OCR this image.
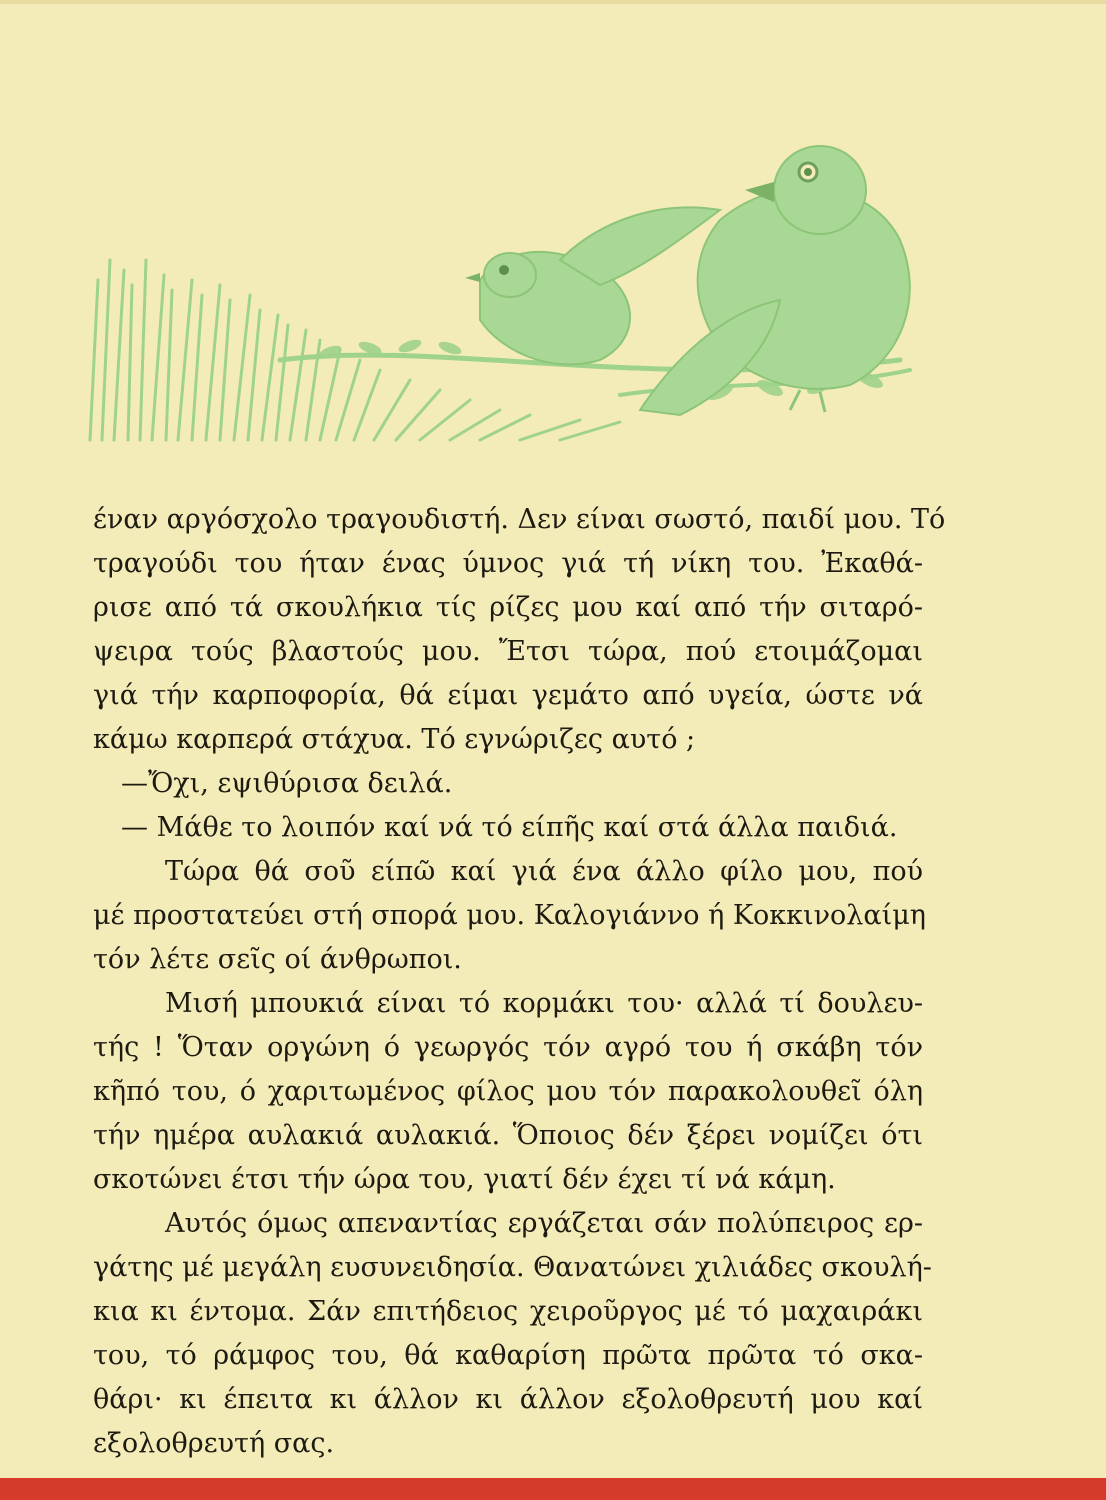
έναν αργόσχολο τραγουδιστή. Δεν είναι σωστό, παιδί μου. Τό
τραγούδι του ήταν ένας ύμνος γιά τή νίκη του. Ἐκαθά-
ρισε από τά σκουλήκια τίς ρίζες μου καί από τήν σιταρό-
ψειρα τούς βλαστούς μου. Ἔτσι τώρα, πού ετοιμάζομαι
γιά τήν καρποφορία, θά είμαι γεμάτο από υγεία, ώστε νά
κάμω καρπερά στάχυα. Τό εγνώριζες αυτό ;
—Ὄχι, εψιθύρισα δειλά.
— Μάθε το λοιπόν καί νά τό είπῆς καί στά άλλα παιδιά.
Τώρα θά σοῦ είπῶ καί γιά ένα άλλο φίλο μου, πού
μέ προστατεύει στή σπορά μου. Καλογιάννο ή Κοκκινολαίμη
τόν λέτε σεῖς οί άνθρωποι.
Μισή μπουκιά είναι τό κορμάκι του· αλλά τί δουλευ-
τής ! Ὅταν οργώνη ό γεωργός τόν αγρό του ή σκάβη τόν
κῆπό του, ό χαριτωμένος φίλος μου τόν παρακολουθεῖ όλη
τήν ημέρα αυλακιά αυλακιά. Ὅποιος δέν ξέρει νομίζει ότι
σκοτώνει έτσι τήν ώρα του, γιατί δέν έχει τί νά κάμη.
Αυτός όμως απεναντίας εργάζεται σάν πολύπειρος ερ-
γάτης μέ μεγάλη ευσυνειδησία. Θανατώνει χιλιάδες σκουλή-
κια κι έντομα. Σάν επιτήδειος χειροῦργος μέ τό μαχαιράκι
του, τό ράμφος του, θά καθαρίση πρῶτα πρῶτα τό σκα-
θάρι· κι έπειτα κι άλλον κι άλλον εξολοθρευτή μου καί
εξολοθρευτή σας.
